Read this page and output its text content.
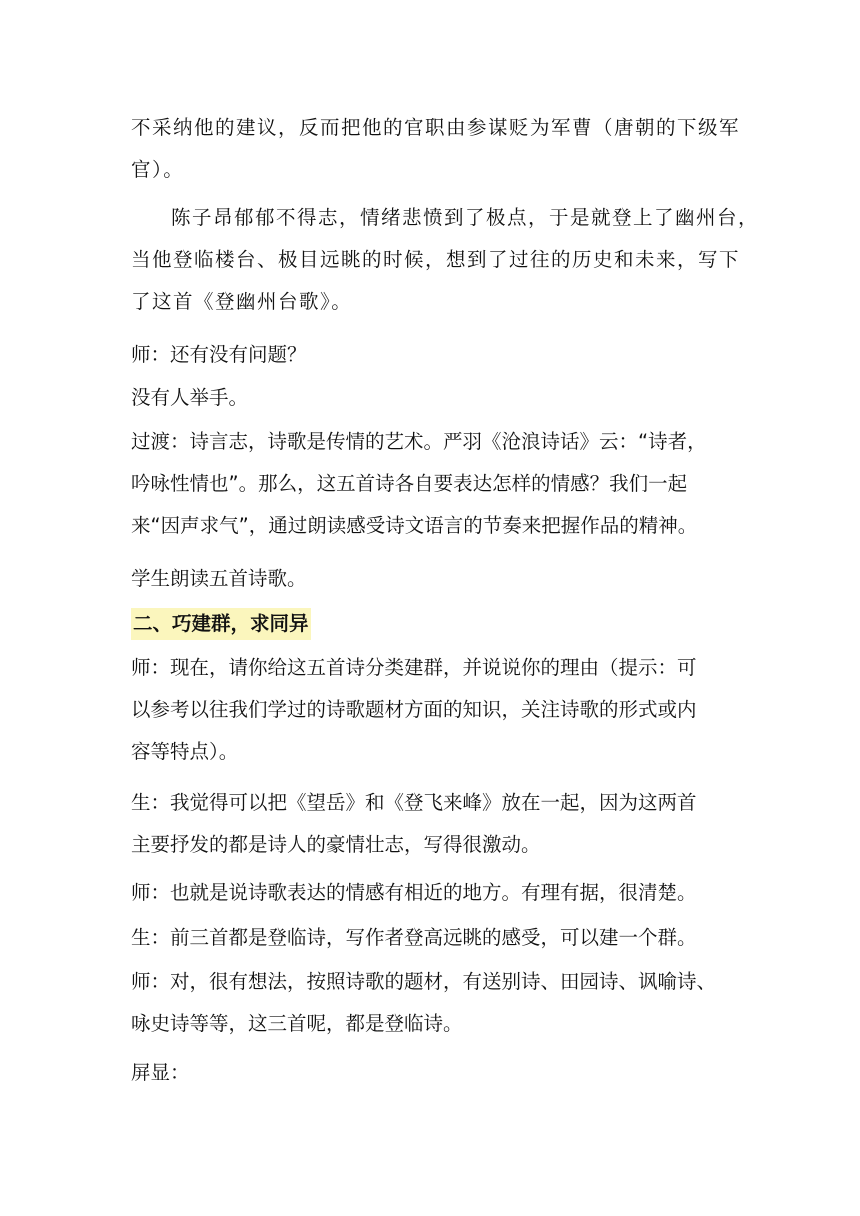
不采纳他的建议，反而把他的官职由参谋贬为军曹（唐朝的下级军
官）。
陈子昂郁郁不得志，情绪悲愤到了极点，于是就登上了幽州台，
当他登临楼台、极目远眺的时候，想到了过往的历史和未来，写下
了这首《登幽州台歌》。
师：还有没有问题？
没有人举手。
过渡：诗言志，诗歌是传情的艺术。严羽《沧浪诗话》云：“诗者，
吟咏性情也”。那么，这五首诗各自要表达怎样的情感？我们一起
来“因声求气”，通过朗读感受诗文语言的节奏来把握作品的精神。
学生朗读五首诗歌。
二、巧建群，求同异
师：现在，请你给这五首诗分类建群，并说说你的理由（提示：可
以参考以往我们学过的诗歌题材方面的知识，关注诗歌的形式或内
容等特点）。
生：我觉得可以把《望岳》和《登飞来峰》放在一起，因为这两首
主要抒发的都是诗人的豪情壮志，写得很激动。
师：也就是说诗歌表达的情感有相近的地方。有理有据，很清楚。
生：前三首都是登临诗，写作者登高远眺的感受，可以建一个群。
师：对，很有想法，按照诗歌的题材，有送别诗、田园诗、讽喻诗、
咏史诗等等，这三首呢，都是登临诗。
屏显：
